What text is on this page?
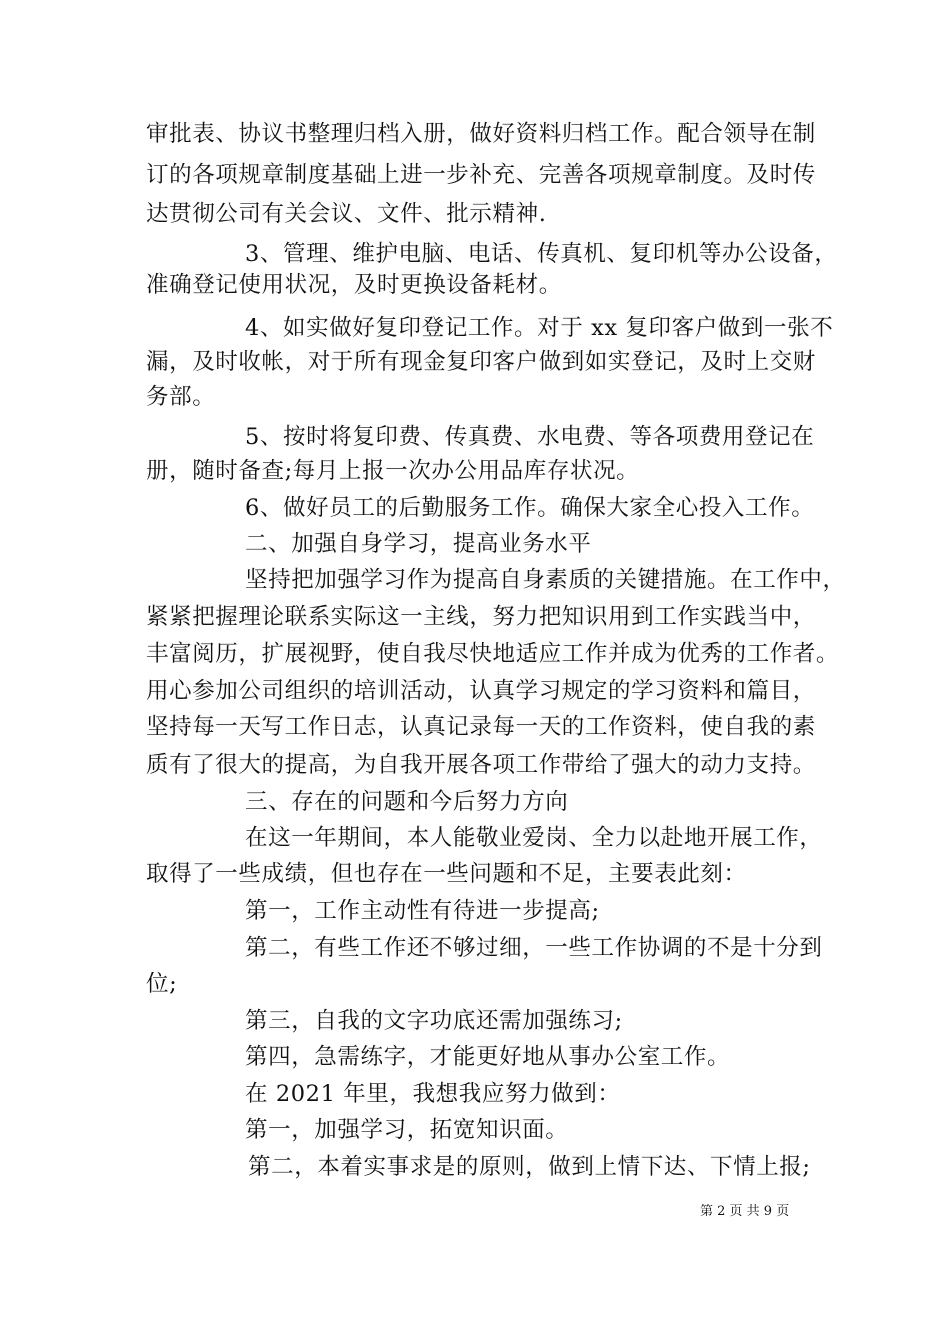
审批表、协议书整理归档入册，做好资料归档工作。配合领导在制
订的各项规章制度基础上进一步补充、完善各项规章制度。及时传
达贯彻公司有关会议、文件、批示精神.
3、管理、维护电脑、电话、传真机、复印机等办公设备，
准确登记使用状况，及时更换设备耗材。
4、如实做好复印登记工作。对于 xx 复印客户做到一张不
漏，及时收帐，对于所有现金复印客户做到如实登记，及时上交财
务部。
5、按时将复印费、传真费、水电费、等各项费用登记在
册，随时备查;每月上报一次办公用品库存状况。
6、做好员工的后勤服务工作。确保大家全心投入工作。
二、加强自身学习，提高业务水平
坚持把加强学习作为提高自身素质的关键措施。在工作中，
紧紧把握理论联系实际这一主线，努力把知识用到工作实践当中，
丰富阅历，扩展视野，使自我尽快地适应工作并成为优秀的工作者。
用心参加公司组织的培训活动，认真学习规定的学习资料和篇目，
坚持每一天写工作日志，认真记录每一天的工作资料，使自我的素
质有了很大的提高，为自我开展各项工作带给了强大的动力支持。
三、存在的问题和今后努力方向
在这一年期间，本人能敬业爱岗、全力以赴地开展工作，
取得了一些成绩，但也存在一些问题和不足，主要表此刻：
第一，工作主动性有待进一步提高;
第二，有些工作还不够过细，一些工作协调的不是十分到
位;
第三，自我的文字功底还需加强练习;
第四，急需练字，才能更好地从事办公室工作。
在 2021 年里，我想我应努力做到：
第一，加强学习，拓宽知识面。
第二，本着实事求是的原则，做到上情下达、下情上报;
第 2 页 共 9 页
